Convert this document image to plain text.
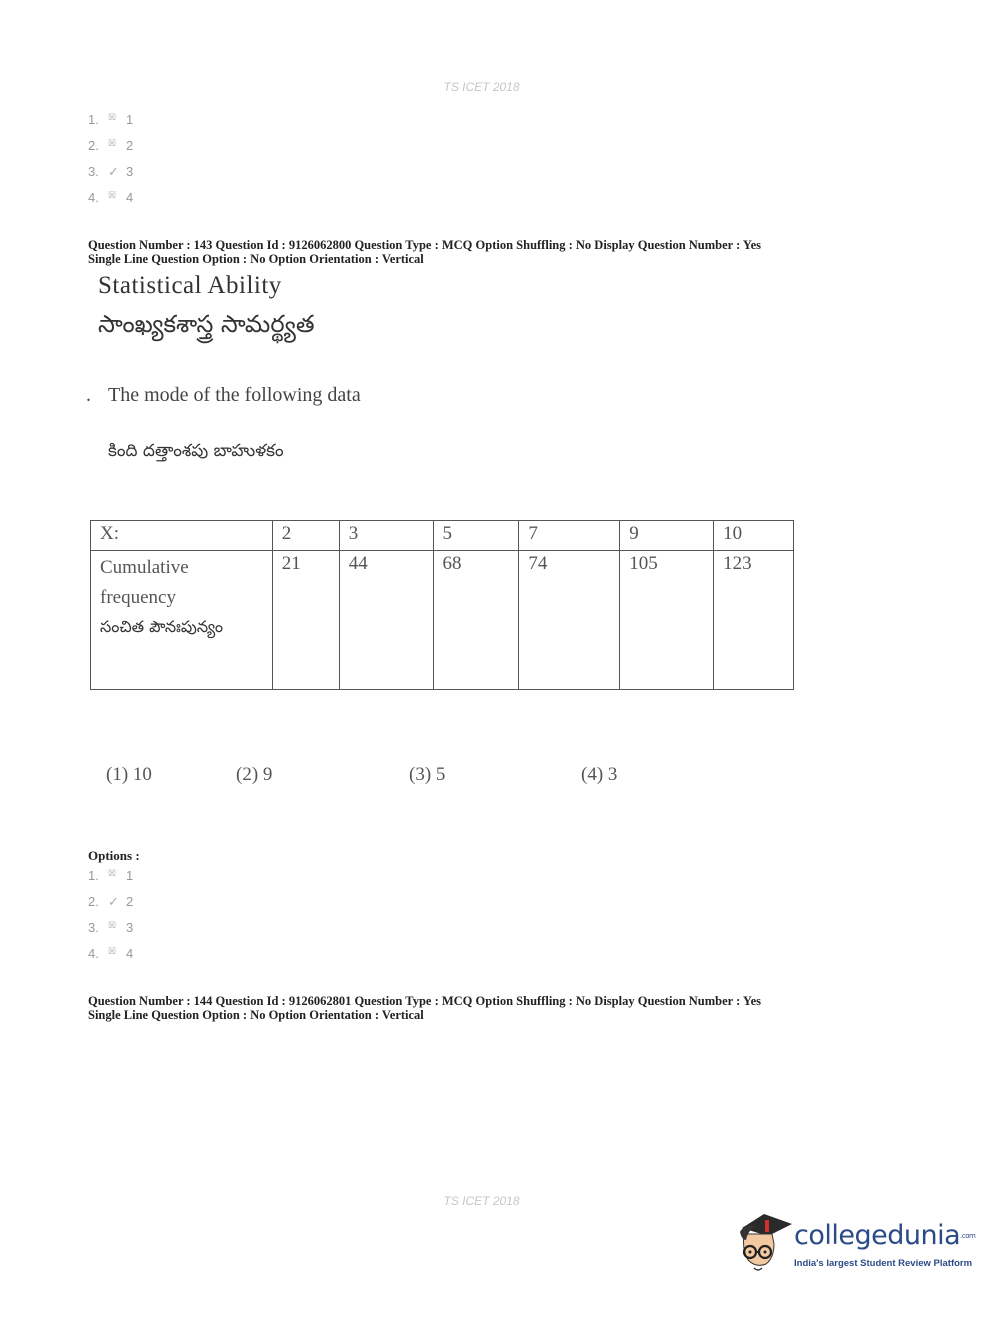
TS ICET 2018
1.	☒ 1
2.	☒ 2
3. ✓ 3
4.	☒ 4
Question Number : 143 Question Id : 9126062800 Question Type : MCQ Option Shuffling : No Display Question Number : Yes
Single Line Question Option : No Option Orientation : Vertical
Statistical Ability
సాంఖ్యకశాస్త్ర సామర్థ్యత
. The mode of the following data
కింది దత్తాంశపు బాహుళకం
X:	2	3	5	7	9	10

Cumulative
frequency
సంచిత పౌనఃపున్యం	21	44	68	74	105	123
(1) 10	(2) 9	(3) 5	(4) 3
Options :
1.	☒ 1
2. ✓ 2
3.	☒ 3
4.	☒ 4
Question Number : 144 Question Id : 9126062801 Question Type : MCQ Option Shuffling : No Display Question Number : Yes
Single Line Question Option : No Option Orientation : Vertical
TS ICET 2018
collegedunia$^{.com}$
India's largest Student Review Platform
